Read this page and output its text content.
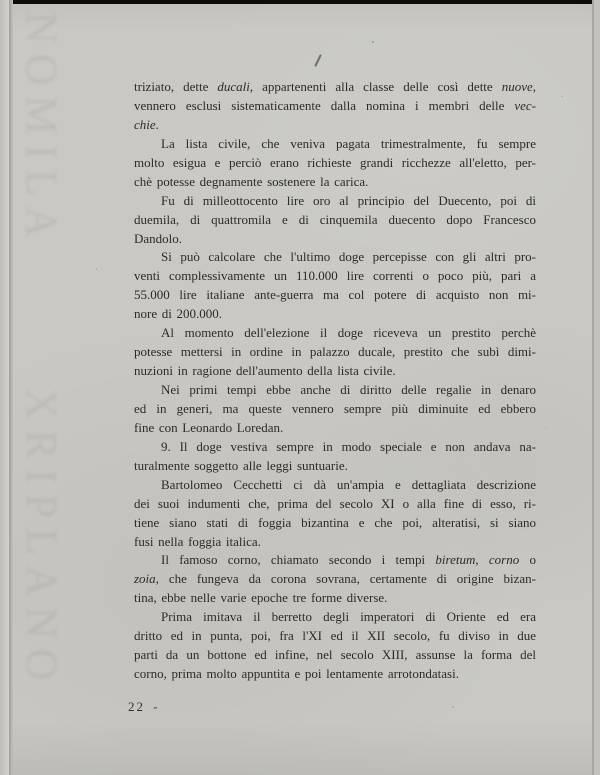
NOMILA
XRIPLANO
triziato, dette ducali, appartenenti alla classe delle così dette nuove,
vennero esclusi sistematicamente dalla nomina i membri delle vec-
chie.
La lista civile, che veniva pagata trimestralmente, fu sempre
molto esigua e perciò erano richieste grandi ricchezze all'eletto, per-
chè potesse degnamente sostenere la carica.
Fu di milleottocento lire oro al principio del Duecento, poi di
duemila, di quattromila e di cinquemila duecento dopo Francesco
Dandolo.
Si può calcolare che l'ultimo doge percepisse con gli altri pro-
venti complessivamente un 110.000 lire correnti o poco più, pari a
55.000 lire italiane ante-guerra ma col potere di acquisto non mi-
nore di 200.000.
Al momento dell'elezione il doge riceveva un prestito perchè
potesse mettersi in ordine in palazzo ducale, prestito che subì dimi-
nuzioni in ragione dell'aumento della lista civile.
Nei primi tempi ebbe anche di diritto delle regalie in denaro
ed in generi, ma queste vennero sempre più diminuite ed ebbero
fine con Leonardo Loredan.
9. Il doge vestiva sempre in modo speciale e non andava na-
turalmente soggetto alle leggi suntuarie.
Bartolomeo Cecchetti ci dà un'ampia e dettagliata descrizione
dei suoi indumenti che, prima del secolo XI o alla fine di esso, ri-
tiene siano stati di foggia bizantina e che poi, alteratisi, si siano
fusi nella foggia italica.
Il famoso corno, chiamato secondo i tempi biretum, corno o
zoia, che fungeva da corona sovrana, certamente di origine bizan-
tina, ebbe nelle varie epoche tre forme diverse.
Prima imitava il berretto degli imperatori di Oriente ed era
dritto ed in punta, poi, fra l'XI ed il XII secolo, fu diviso in due
parti da un bottone ed infine, nel secolo XIII, assunse la forma del
corno, prima molto appuntita e poi lentamente arrotondatasi.
22 -
